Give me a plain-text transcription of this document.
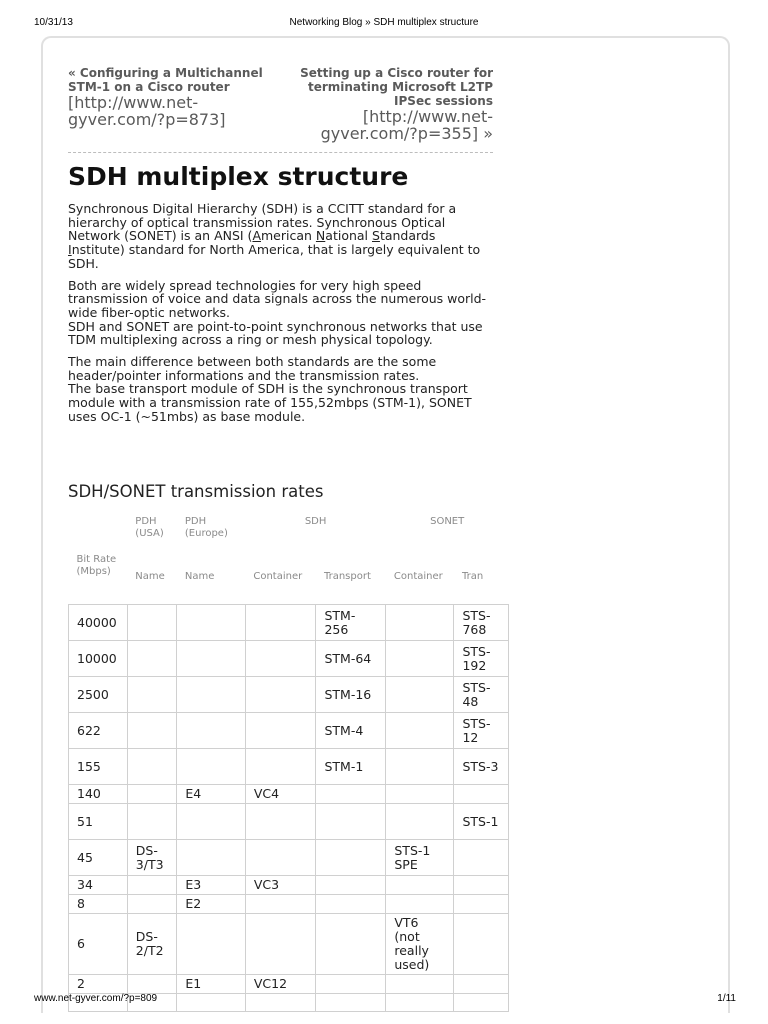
10/31/13	Networking Blog » SDH multiplex structure
« Configuring a Multichannel STM-1 on a Cisco router
[http://www.net-gyver.com/?p=873]
Setting up a Cisco router for terminating Microsoft L2TP IPSec sessions
[http://www.net-gyver.com/?p=355] »
SDH multiplex structure

Synchronous Digital Hierarchy (SDH) is a CCITT standard for a hierarchy of optical transmission rates. Synchronous Optical Network (SONET) is an ANSI (American National Standards Institute) standard for North America, that is largely equivalent to SDH.

Both are widely spread technologies for very high speed transmission of voice and data signals across the numerous world-wide fiber-optic networks.
SDH and SONET are point-to-point synchronous networks that use TDM multiplexing across a ring or mesh physical topology.

The main difference between both standards are the some header/pointer informations and the transmission rates.
The base transport module of SDH is the synchronous transport module with a transmission rate of 155,52mbps (STM-1), SONET uses OC-1 (~51mbs) as base module.

SDH/SONET transmission rates
	PDH (USA)	PDH (Europe)	SDH		SONET	
Bit Rate (Mbps)	Name	Name	Container	Transport	Container	Tran
40000				STM-256		STS-768
10000				STM-64		STS-192
2500				STM-16		STS-48
622				STM-4		STS-12
155				STM-1		STS-3
140		E4	VC4			
51						STS-1
45	DS-3/T3				STS-1 SPE	
34		E3	VC3			
8		E2				
6	DS-2/T2				VT6 (not really used)	
2		E1	VC12			

www.net-gyver.com/?p=809	1/11
